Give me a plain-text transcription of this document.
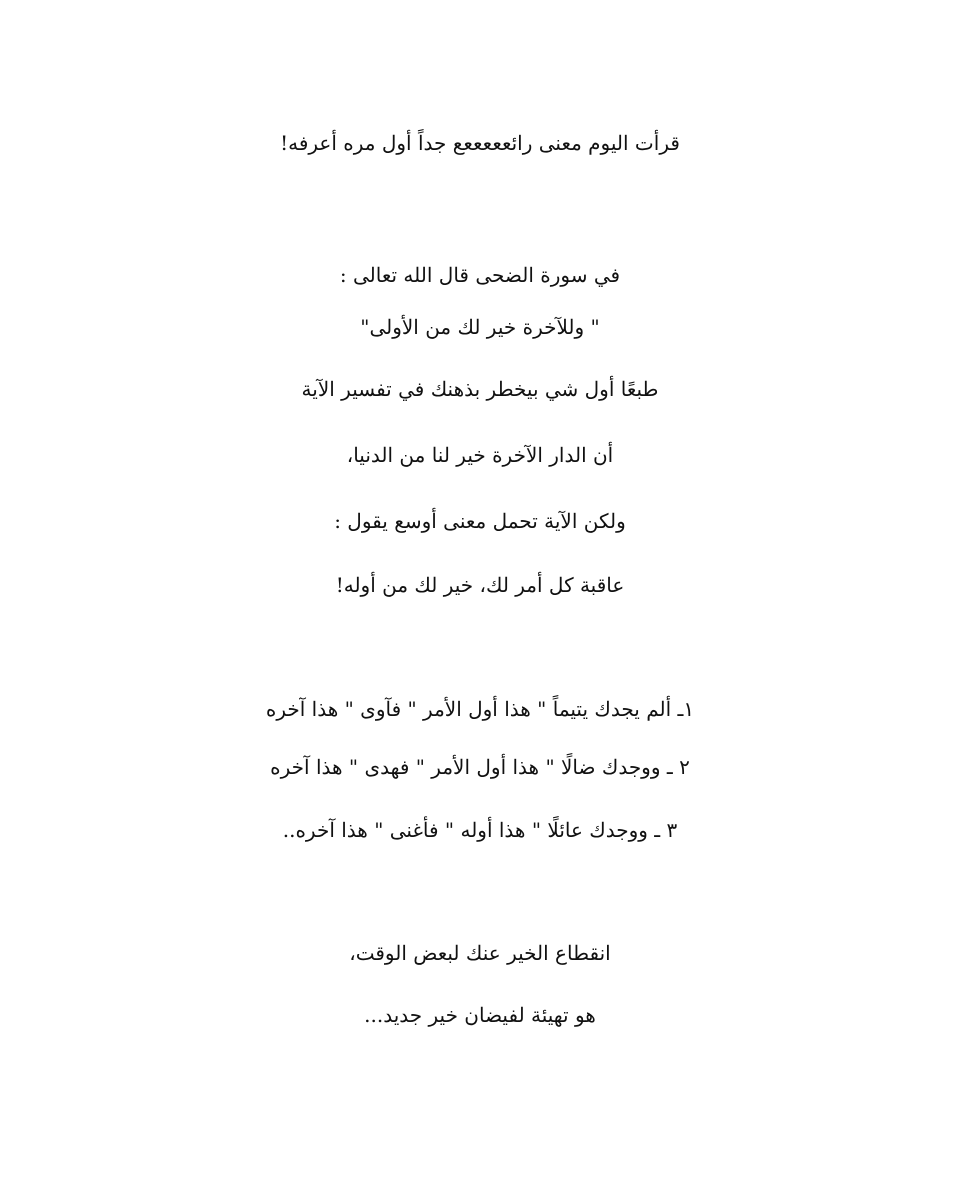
قرأت اليوم معنى رائعععععع جداً أول مره أعرفه!
في سورة الضحى قال الله تعالى :
" وللآخرة خير لك من الأولى"
طبعًا أول شي بيخطر بذهنك في تفسير الآية
أن الدار الآخرة خير لنا من الدنيا،
ولكن الآية تحمل معنى أوسع يقول :
عاقبة كل أمر لك، خير لك من أوله!
١ـ ألم يجدك يتيماً " هذا أول الأمر " فآوى " هذا آخره
٢ ـ ووجدك ضالًا " هذا أول الأمر " فهدى " هذا آخره
٣ ـ ووجدك عائلًا " هذا أوله " فأغنى " هذا آخره..
انقطاع الخير عنك لبعض الوقت،
هو تهيئة لفيضان خير جديد...
